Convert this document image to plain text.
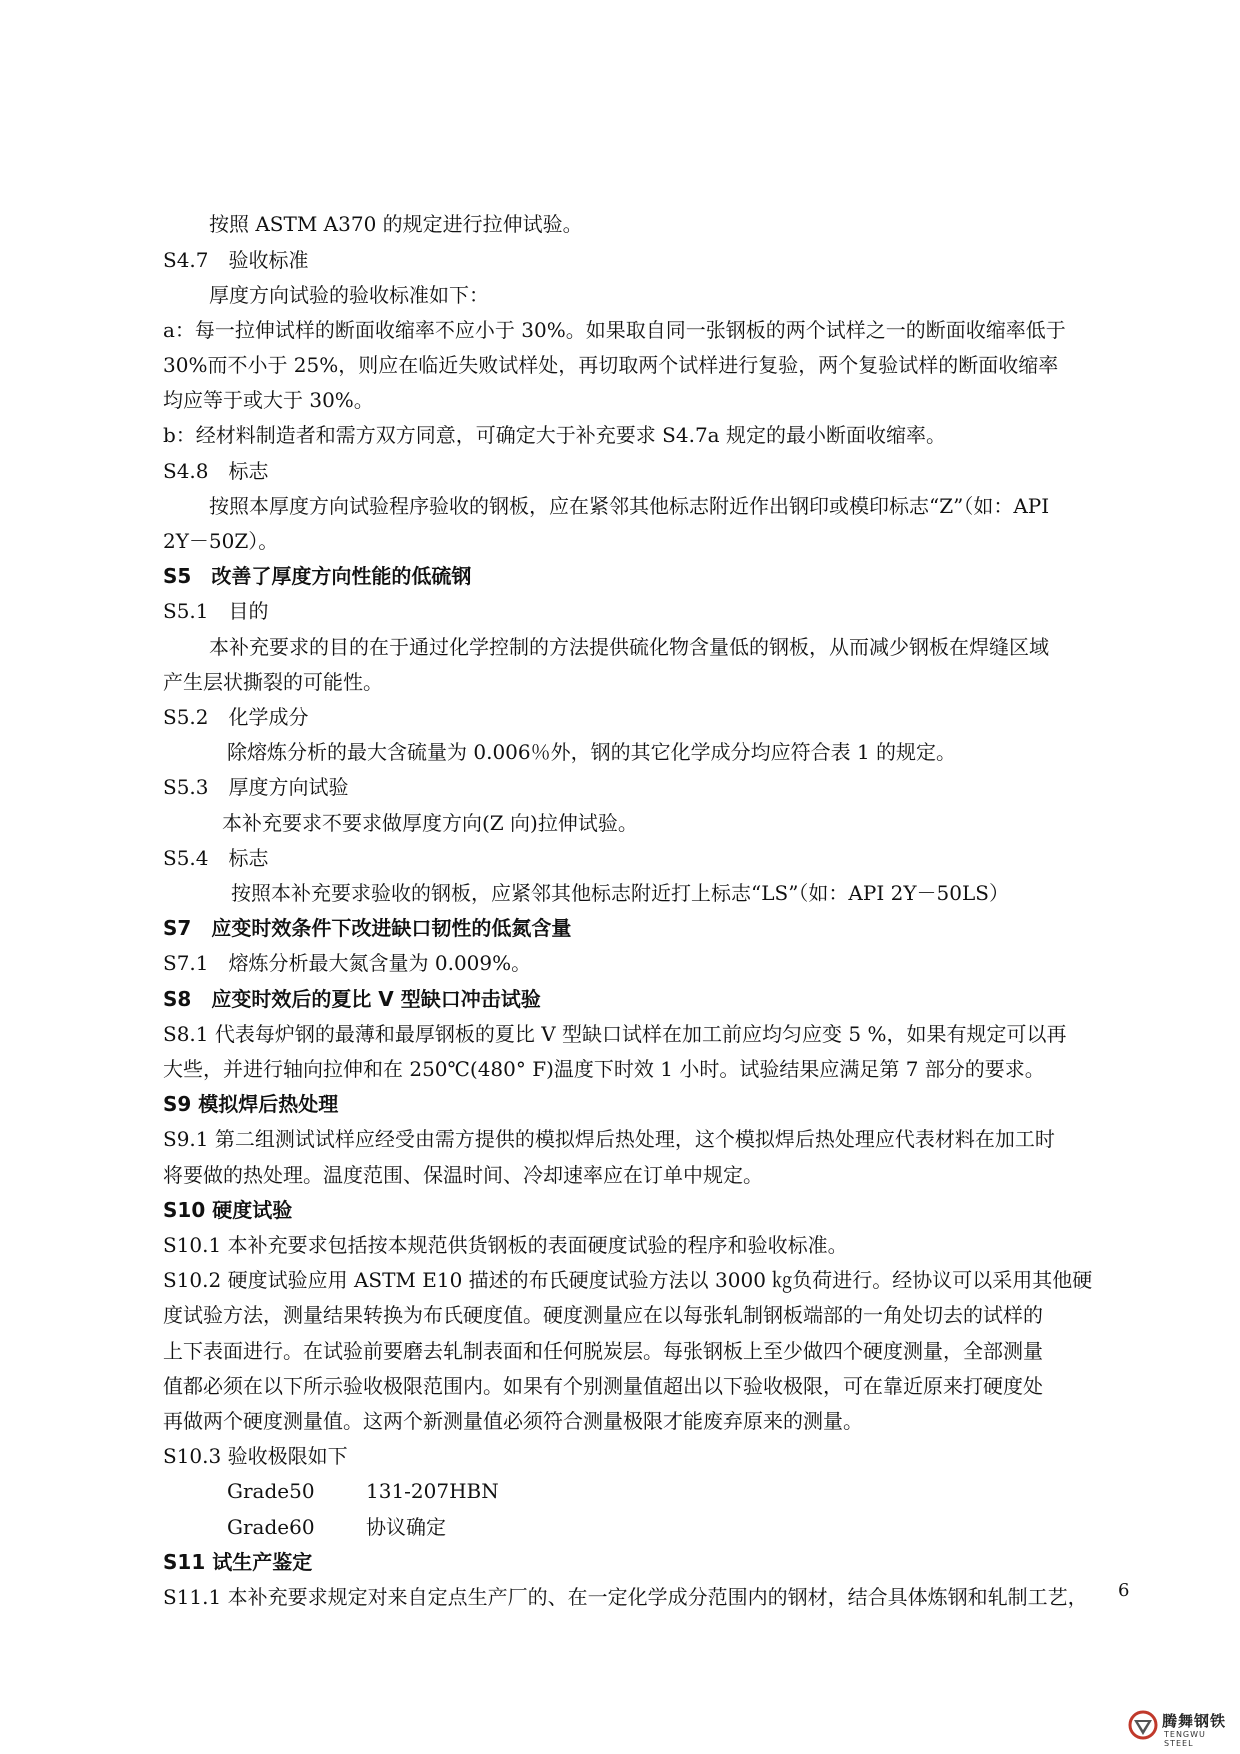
按照 ASTM A370 的规定进行拉伸试验。
S4.7　验收标准
厚度方向试验的验收标准如下：
a：每一拉伸试样的断面收缩率不应小于 30%。如果取自同一张钢板的两个试样之一的断面收缩率低于
30%而不小于 25%，则应在临近失败试样处，再切取两个试样进行复验，两个复验试样的断面收缩率
均应等于或大于 30%。
b：经材料制造者和需方双方同意，可确定大于补充要求 S4.7a 规定的最小断面收缩率。
S4.8　标志
按照本厚度方向试验程序验收的钢板，应在紧邻其他标志附近作出钢印或模印标志“Z”（如：API
2Y－50Z）。
S5　改善了厚度方向性能的低硫钢
S5.1　目的
本补充要求的目的在于通过化学控制的方法提供硫化物含量低的钢板，从而减少钢板在焊缝区域
产生层状撕裂的可能性。
S5.2　化学成分
除熔炼分析的最大含硫量为 0.006％外，钢的其它化学成分均应符合表 1 的规定。
S5.3　厚度方向试验
本补充要求不要求做厚度方向(Z 向)拉伸试验。
S5.4　标志
按照本补充要求验收的钢板，应紧邻其他标志附近打上标志“LS”（如：API 2Y－50LS）
S7　应变时效条件下改进缺口韧性的低氮含量
S7.1　熔炼分析最大氮含量为 0.009%。
S8　应变时效后的夏比 V 型缺口冲击试验
S8.1 代表每炉钢的最薄和最厚钢板的夏比 V 型缺口试样在加工前应均匀应变 5 %，如果有规定可以再
大些，并进行轴向拉伸和在 250℃(480° F)温度下时效 1 小时。试验结果应满足第 7 部分的要求。
S9 模拟焊后热处理
S9.1 第二组测试试样应经受由需方提供的模拟焊后热处理，这个模拟焊后热处理应代表材料在加工时
将要做的热处理。温度范围、保温时间、冷却速率应在订单中规定。
S10 硬度试验
S10.1 本补充要求包括按本规范供货钢板的表面硬度试验的程序和验收标准。
S10.2 硬度试验应用 ASTM E10 描述的布氏硬度试验方法以 3000 ㎏负荷进行。经协议可以采用其他硬
度试验方法，测量结果转换为布氏硬度值。硬度测量应在以每张轧制钢板端部的一角处切去的试样的
上下表面进行。在试验前要磨去轧制表面和任何脱炭层。每张钢板上至少做四个硬度测量，全部测量
值都必须在以下所示验收极限范围内。如果有个别测量值超出以下验收极限，可在靠近原来打硬度处
再做两个硬度测量值。这两个新测量值必须符合测量极限才能废弃原来的测量。
S10.3 验收极限如下
Grade50	131-207HBN
Grade60	协议确定
S11 试生产鉴定
S11.1 本补充要求规定对来自定点生产厂的、在一定化学成分范围内的钢材，结合具体炼钢和轧制工艺， 6
腾舞钢铁
TENGWU STEEL
